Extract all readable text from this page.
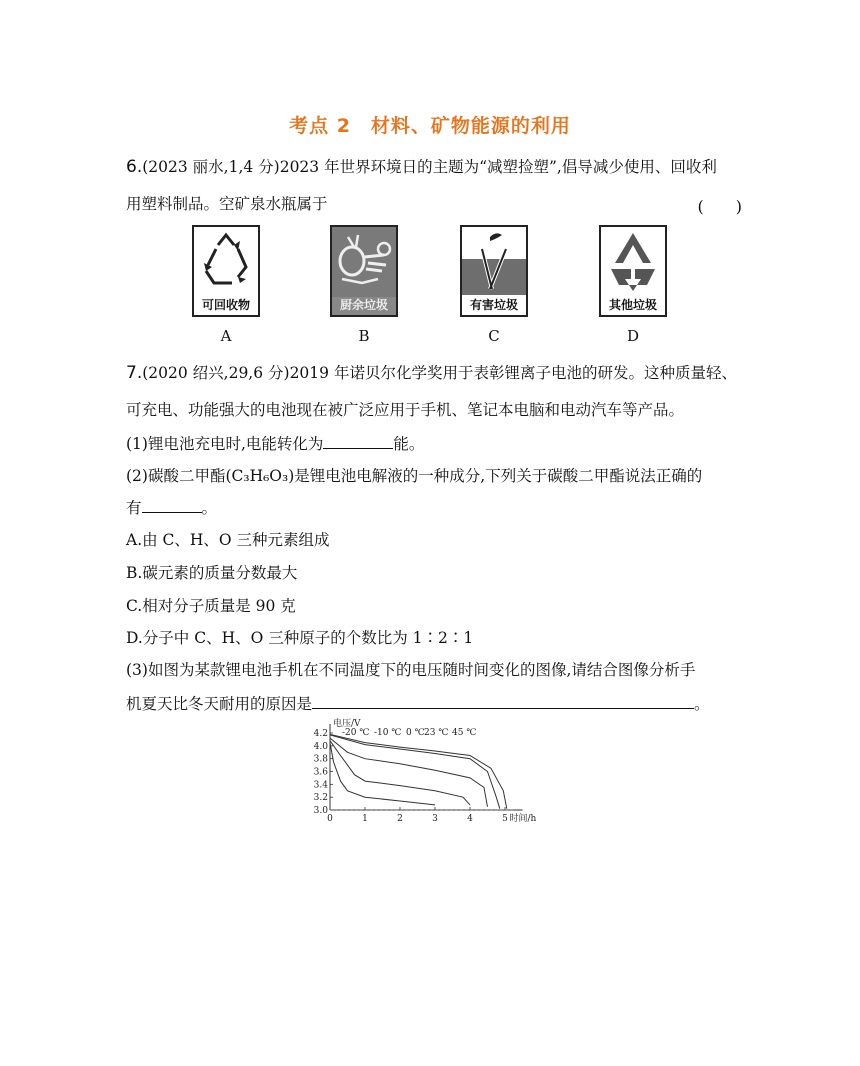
考点 2　材料、矿物能源的利用
6.(2023 丽水,1,4 分)2023 年世界环境日的主题为“减塑捡塑”,倡导减少使用、回收利
用塑料制品。空矿泉水瓶属于	(　　)
可回收物	厨余垃圾	有害垃圾	其他垃圾
A	B	C	D
7.(2020 绍兴,29,6 分)2019 年诺贝尔化学奖用于表彰锂离子电池的研发。这种质量轻、
可充电、功能强大的电池现在被广泛应用于手机、笔记本电脑和电动汽车等产品。
(1)锂电池充电时,电能转化为	能。
(2)碳酸二甲酯(C₃H₆O₃)是锂电池电解液的一种成分,下列关于碳酸二甲酯说法正确的
有	。
A.由 C、H、O 三种元素组成
B.碳元素的质量分数最大
C.相对分子质量是 90 克
D.分子中 C、H、O 三种原子的个数比为 1∶2∶1
(3)如图为某款锂电池手机在不同温度下的电压随时间变化的图像,请结合图像分析手
机夏天比冬天耐用的原因是	。
4.2
4.0
3.8
3.6
3.4
3.2
3.0
0	1	2	3	4	5
电压/V
时间/h
-20 ℃ -10 ℃ 0 ℃ 23 ℃ 45 ℃
